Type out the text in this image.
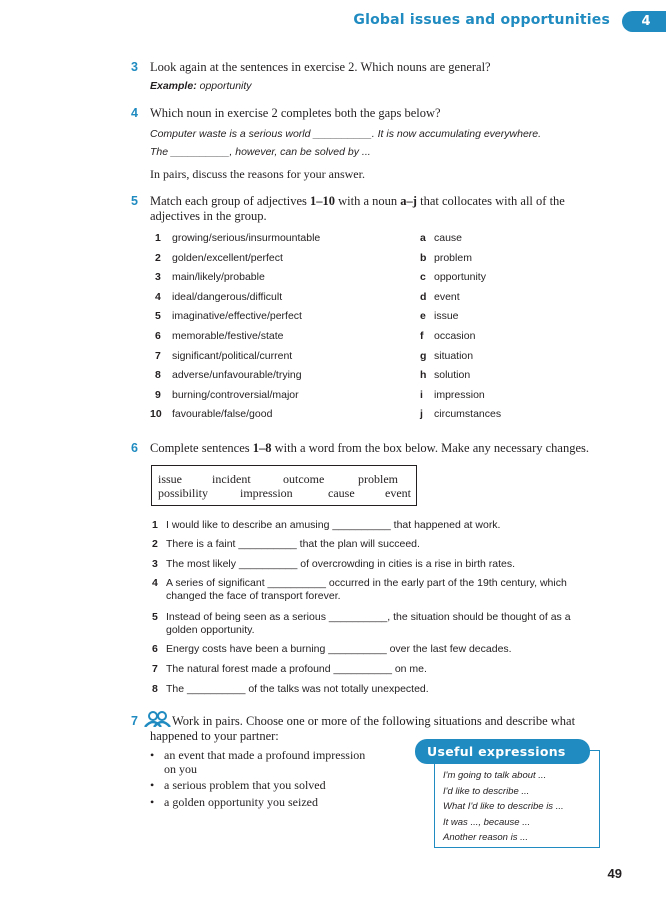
Global issues and opportunities	4
3 Look again at the sentences in exercise 2. Which nouns are general?
Example: opportunity
4 Which noun in exercise 2 completes both the gaps below?
Computer waste is a serious world __________. It is now accumulating everywhere.
The __________, however, can be solved by ...
In pairs, discuss the reasons for your answer.
5 Match each group of adjectives 1–10 with a noun a–j that collocates with all of the
adjectives in the group.
1 growing/serious/insurmountable
2 golden/excellent/perfect
3 main/likely/probable
4 ideal/dangerous/difficult
5 imaginative/effective/perfect
6 memorable/festive/state
7 significant/political/current
8 adverse/unfavourable/trying
9 burning/controversial/major
10 favourable/false/good
a cause
b problem
c opportunity
d event
e issue
f occasion
g situation
h solution
i impression
j circumstances
6 Complete sentences 1–8 with a word from the box below. Make any necessary changes.
issue	incident	outcome	problem
possibility	impression	cause	event
1 I would like to describe an amusing __________ that happened at work.
2 There is a faint __________ that the plan will succeed.
3 The most likely __________ of overcrowding in cities is a rise in birth rates.
4 A series of significant __________ occurred in the early part of the 19th century, which
changed the face of transport forever.
5 Instead of being seen as a serious __________, the situation should be thought of as a
golden opportunity.
6 Energy costs have been a burning __________ over the last few decades.
7 The natural forest made a profound __________ on me.
8 The __________ of the talks was not totally unexpected.
7	Work in pairs. Choose one or more of the following situations and describe what
happened to your partner:
• an event that made a profound impression
on you
• a serious problem that you solved
• a golden opportunity you seized
Useful expressions
I'm going to talk about ...
I'd like to describe ...
What I'd like to describe is ...
It was ..., because ...
Another reason is ...
49
